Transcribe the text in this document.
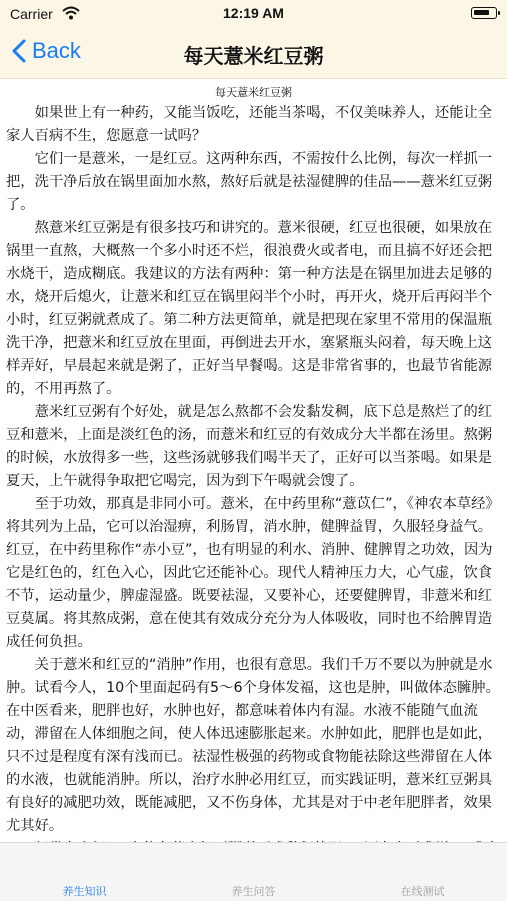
Carrier	12:19 AM
Back	每天薏米红豆粥
每天薏米红豆粥

如果世上有一种药，又能当饭吃，还能当茶喝，不仅美味养人，还能让全家人百病不生，您愿意一试吗？

它们一是薏米，一是红豆。这两种东西，不需按什么比例，每次一样抓一把，洗干净后放在锅里面加水熬，熬好后就是祛湿健脾的佳品——薏米红豆粥了。

熬薏米红豆粥是有很多技巧和讲究的。薏米很硬，红豆也很硬，如果放在锅里一直熬，大概熬一个多小时还不烂，很浪费火或者电，而且搞不好还会把水烧干，造成糊底。我建议的方法有两种：第一种方法是在锅里加进去足够的水，烧开后熄火，让薏米和红豆在锅里闷半个小时，再开火，烧开后再闷半个小时，红豆粥就煮成了。第二种方法更简单，就是把现在家里不常用的保温瓶洗干净，把薏米和红豆放在里面，再倒进去开水，塞紧瓶头闷着，每天晚上这样弄好，早晨起来就是粥了，正好当早餐喝。这是非常省事的，也最节省能源的，不用再熬了。

薏米红豆粥有个好处，就是怎么熬都不会发黏发稠，底下总是熬烂了的红豆和薏米，上面是淡红色的汤，而薏米和红豆的有效成分大半都在汤里。熬粥的时候，水放得多一些，这些汤就够我们喝半天了，正好可以当茶喝。如果是夏天，上午就得争取把它喝完，因为到下午喝就会馊了。

至于功效，那真是非同小可。薏米，在中药里称“薏苡仁”，《神农本草经》将其列为上品，它可以治湿痹，利肠胃，消水肿，健脾益胃，久服轻身益气。红豆，在中药里称作“赤小豆”，也有明显的利水、消肿、健脾胃之功效，因为它是红色的，红色入心，因此它还能补心。现代人精神压力大，心气虚，饮食不节，运动量少，脾虚湿盛。既要祛湿，又要补心，还要健脾胃，非薏米和红豆莫属。将其熬成粥，意在使其有效成分充分为人体吸收，同时也不给脾胃造成任何负担。

关于薏米和红豆的“消肿”作用，也很有意思。我们千万不要以为肿就是水肿。试看今人，10个里面起码有5～6个身体发福，这也是肿，叫做体态臃肿。在中医看来，肥胖也好，水肿也好，都意味着体内有湿。水液不能随气血流动，滞留在人体细胞之间，使人体迅速膨胀起来。水肿如此，肥胖也是如此，只不过是程度有深有浅而已。祛湿性极强的药物或食物能祛除这些滞留在人体的水液，也就能消肿。所以，治疗水肿必用红豆，而实践证明，薏米红豆粥具有良好的减肥功效，既能减肥，又不伤身体，尤其是对于中老年肥胖者，效果尤其好。

养生知识	养生问答	在线测试
